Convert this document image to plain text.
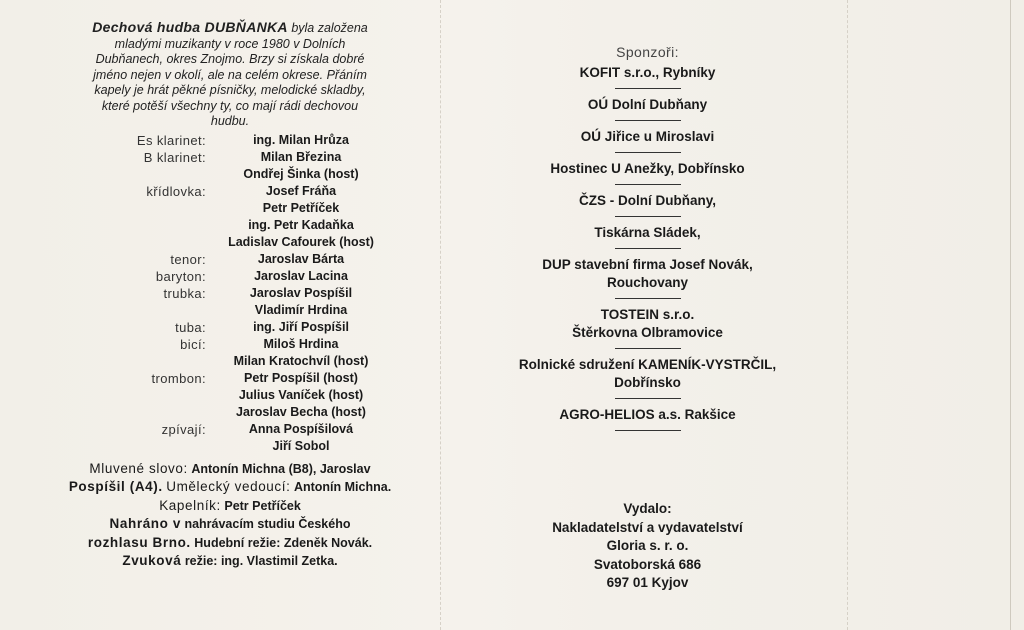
Dechová hudba DUBŇANKA byla založena
mladými muzikanty v roce 1980 v Dolních
Dubňanech, okres Znojmo. Brzy si získala dobré
jméno nejen v okolí, ale na celém okrese. Přáním
kapely je hrát pěkné písničky, melodické skladby,
které potěší všechny ty, co mají rádi dechovou
hudbu.
Es klarinet:	ing. Milan Hrůza
B klarinet:	Milan Březina
Ondřej Šinka (host)
křídlovka:	Josef Fráňa
Petr Petříček
ing. Petr Kadaňka
Ladislav Cafourek (host)
tenor:	Jaroslav Bárta
baryton:	Jaroslav Lacina
trubka:	Jaroslav Pospíšil
Vladimír Hrdina
tuba:	ing. Jiří Pospíšil
bicí:	Miloš Hrdina
Milan Kratochvíl (host)
trombon:	Petr Pospíšil (host)
Julius Vaníček (host)
Jaroslav Becha (host)
zpívají:	Anna Pospíšilová
Jiří Sobol
Mluvené slovo: Antonín Michna (B8), Jaroslav
Pospíšil (A4). Umělecký vedoucí: Antonín Michna.
Kapelník: Petr Petříček
Nahráno v nahrávacím studiu Českého
rozhlasu Brno. Hudební režie: Zdeněk Novák.
Zvuková režie: ing. Vlastimil Zetka.
Sponzoři:
KOFIT s.r.o., Rybníky
OÚ Dolní Dubňany
OÚ Jiřice u Miroslavi
Hostinec U Anežky, Dobřínsko
ČZS - Dolní Dubňany,
Tiskárna Sládek,
DUP stavební firma Josef Novák,
Rouchovany
TOSTEIN s.r.o.
Štěrkovna Olbramovice
Rolnické sdružení KAMENÍK-VYSTRČIL,
Dobřínsko
AGRO-HELIOS a.s. Rakšice
Vydalo:
Nakladatelství a vydavatelství
Gloria s. r. o.
Svatoborská 686
697 01 Kyjov
